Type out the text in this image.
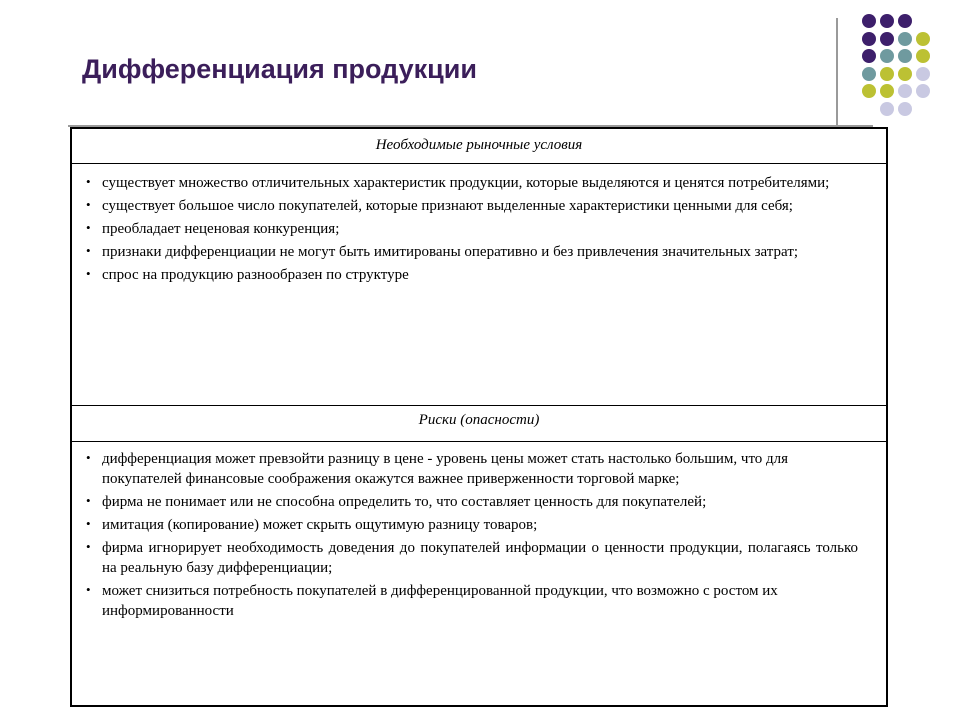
Дифференциация продукции
Необходимые рыночные условия
• существует множество отличительных характеристик продукции, которые выделяются и ценятся потребителями;
• существует большое число покупателей, которые признают выделенные характеристики ценными для себя;
• преобладает неценовая конкуренция;
• признаки дифференциации не могут быть имитированы оперативно и без привлечения значительных затрат;
• спрос на продукцию разнообразен по структуре
Риски (опасности)
• дифференциация может превзойти разницу в цене - уровень цены может стать настолько большим, что для покупателей финансовые соображения окажутся важнее приверженности торговой марке;
• фирма не понимает или не способна определить то, что составляет ценность для покупателей;
• имитация (копирование) может скрыть ощутимую разницу товаров;
• фирма игнорирует необходимость доведения до покупателей информации о ценности продукции, полагаясь только на реальную базу дифференциации;
• может снизиться потребность покупателей в дифференцированной продукции, что возможно с ростом их информированности
